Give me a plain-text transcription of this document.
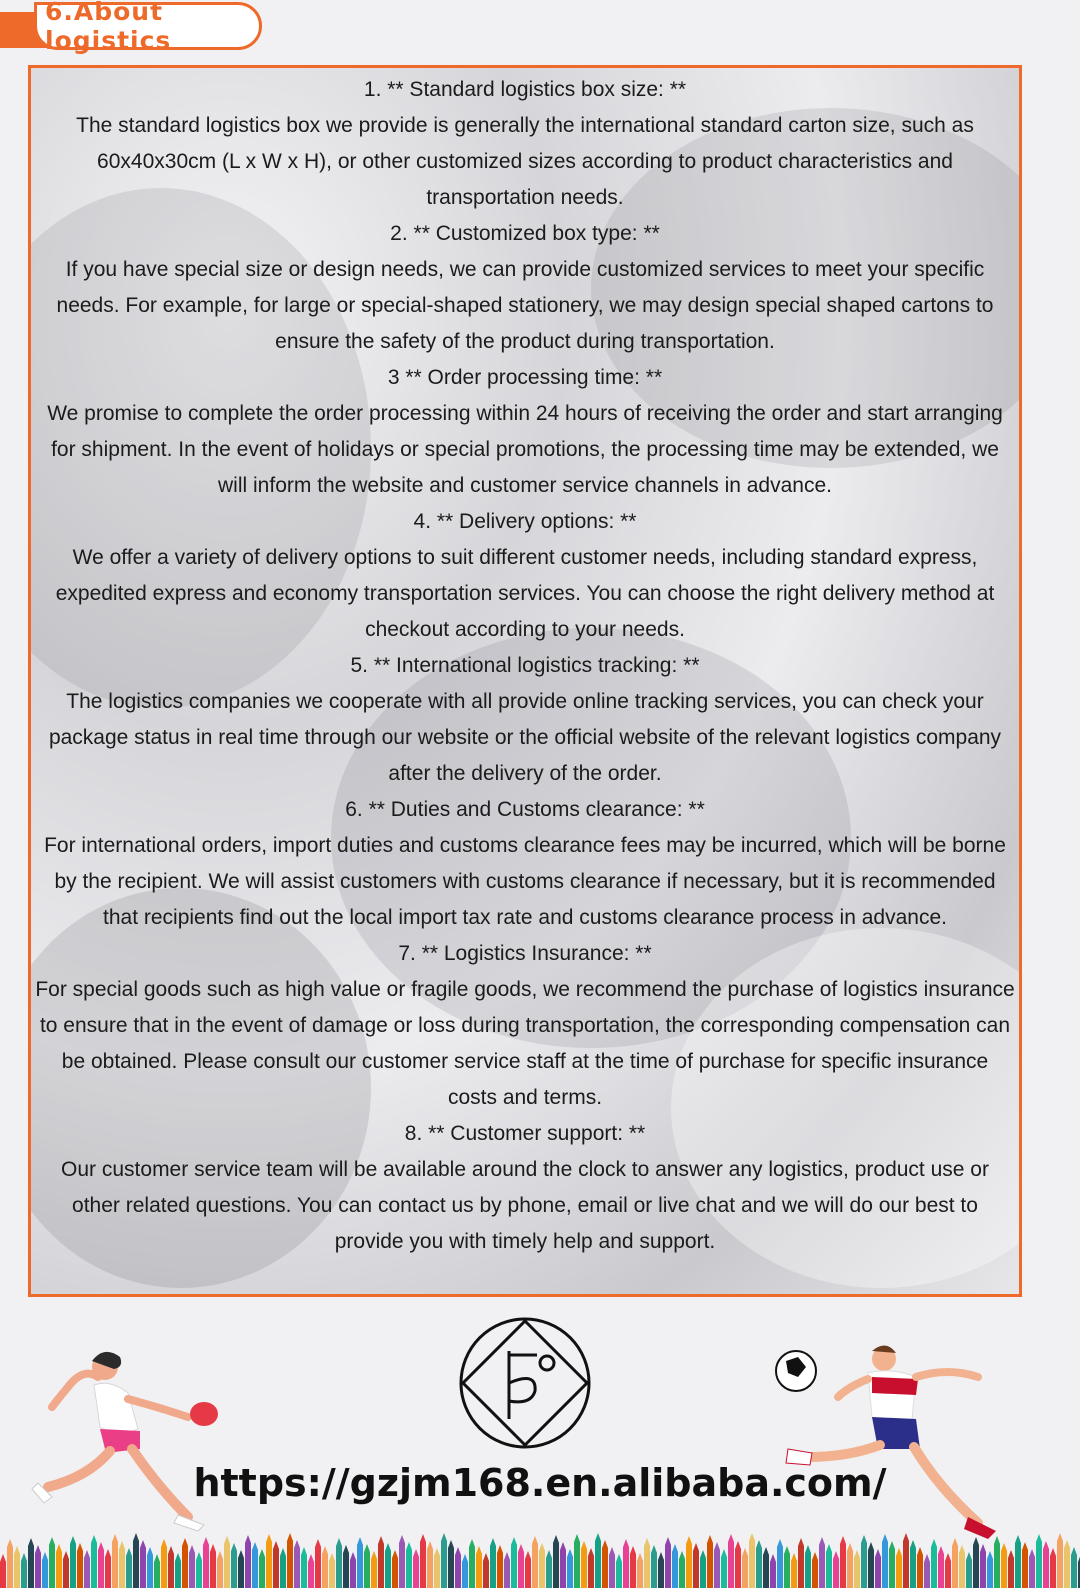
6.About logistics
1. ** Standard logistics box size: **
The standard logistics box we provide is generally the international standard carton size, such as 60x40x30cm (L x W x H), or other customized sizes according to product characteristics and transportation needs.
2. ** Customized box type: **
If you have special size or design needs, we can provide customized services to meet your specific needs. For example, for large or special-shaped stationery, we may design special shaped cartons to ensure the safety of the product during transportation.
3 ** Order processing time: **
We promise to complete the order processing within 24 hours of receiving the order and start arranging for shipment. In the event of holidays or special promotions, the processing time may be extended, we will inform the website and customer service channels in advance.
4. ** Delivery options: **
We offer a variety of delivery options to suit different customer needs, including standard express, expedited express and economy transportation services. You can choose the right delivery method at checkout according to your needs.
5. ** International logistics tracking: **
The logistics companies we cooperate with all provide online tracking services, you can check your package status in real time through our website or the official website of the relevant logistics company after the delivery of the order.
6. ** Duties and Customs clearance: **
For international orders, import duties and customs clearance fees may be incurred, which will be borne by the recipient. We will assist customers with customs clearance if necessary, but it is recommended that recipients find out the local import tax rate and customs clearance process in advance.
7. ** Logistics Insurance: **
For special goods such as high value or fragile goods, we recommend the purchase of logistics insurance to ensure that in the event of damage or loss during transportation, the corresponding compensation can be obtained. Please consult our customer service staff at the time of purchase for specific insurance costs and terms.
8. ** Customer support: **
Our customer service team will be available around the clock to answer any logistics, product use or other related questions. You can contact us by phone, email or live chat and we will do our best to provide you with timely help and support.
https://gzjm168.en.alibaba.com/
